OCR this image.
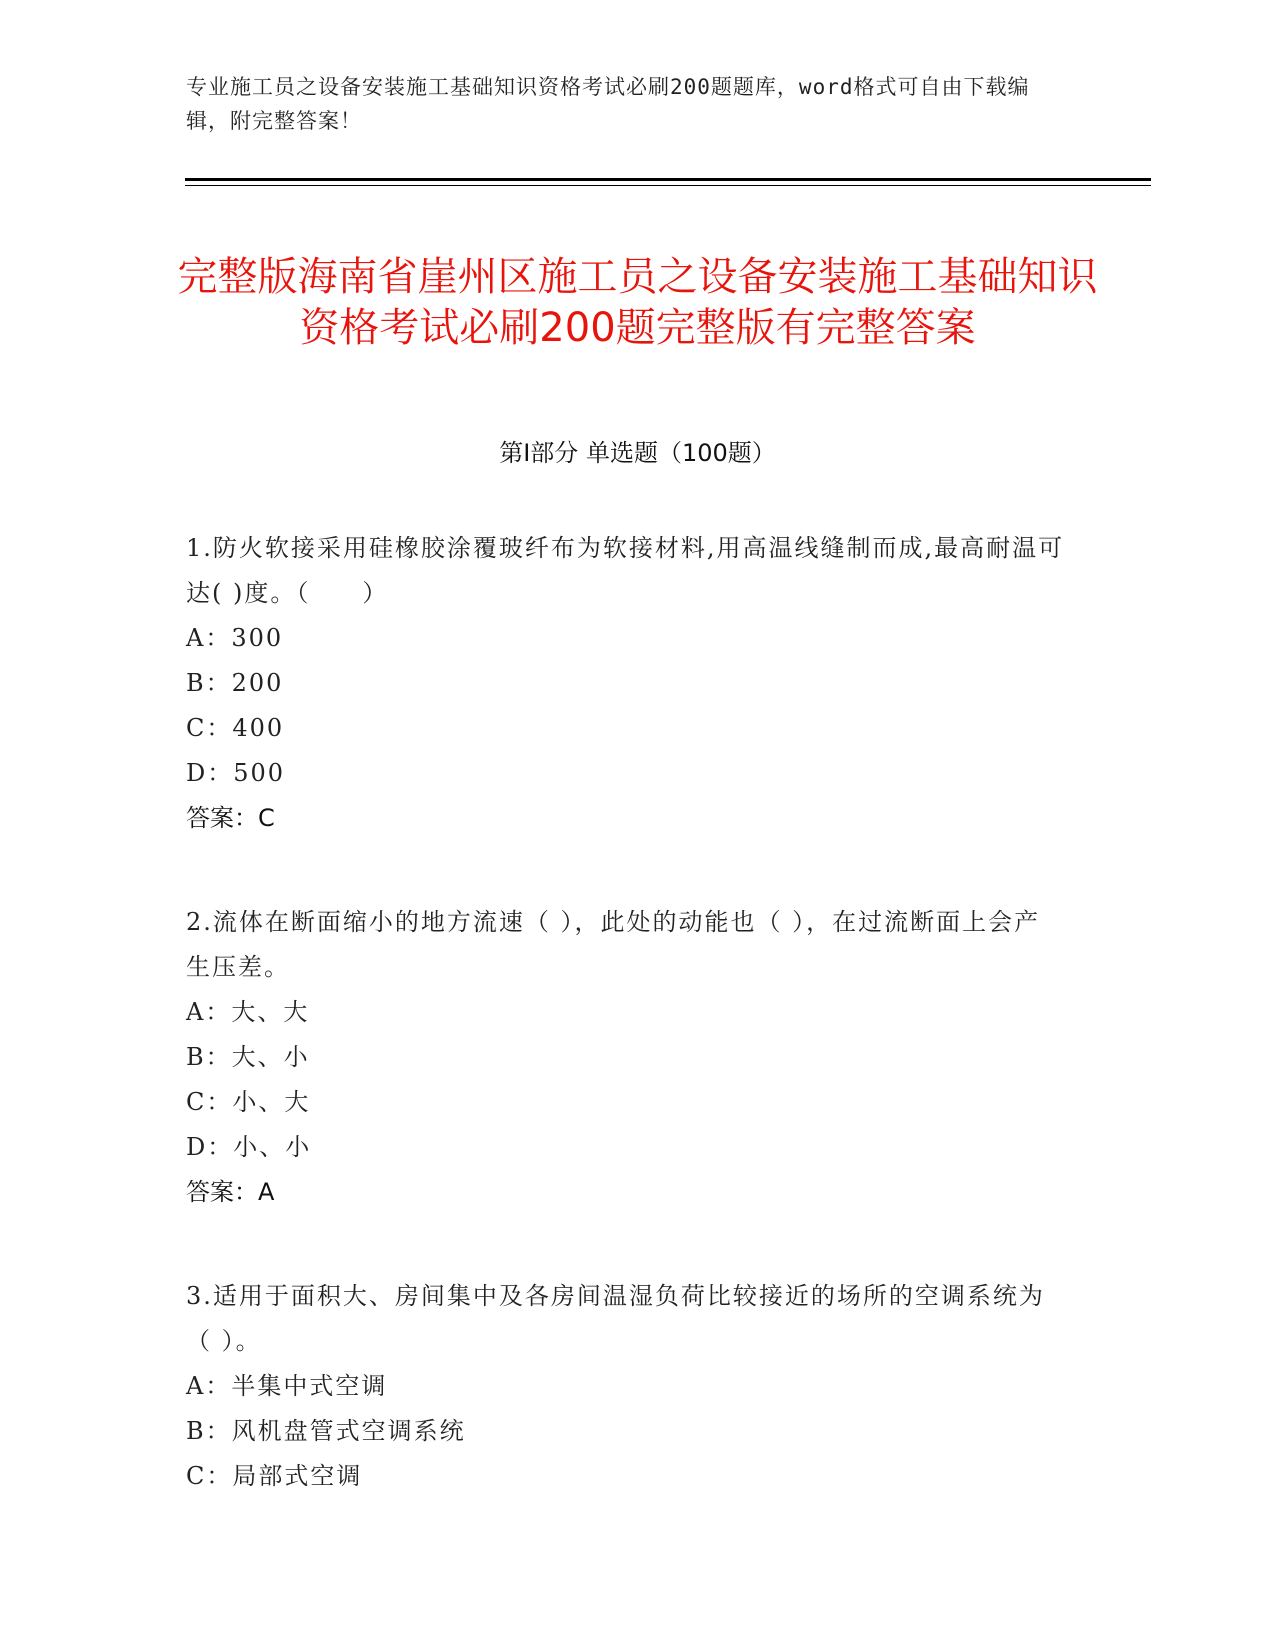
专业施工员之设备安装施工基础知识资格考试必刷200题题库，word格式可自由下载编辑，附完整答案！
完整版海南省崖州区施工员之设备安装施工基础知识资格考试必刷200题完整版有完整答案
第Ⅰ部分 单选题（100题）
1.防火软接采用硅橡胶涂覆玻纤布为软接材料,用高温线缝制而成,最高耐温可达( )度。（　　）
A：300
B：200
C：400
D：500
答案：C
2.流体在断面缩小的地方流速（ ），此处的动能也（ ），在过流断面上会产生压差。
A：大、大
B：大、小
C：小、大
D：小、小
答案：A
3.适用于面积大、房间集中及各房间温湿负荷比较接近的场所的空调系统为（ ）。
A：半集中式空调
B：风机盘管式空调系统
C：局部式空调
